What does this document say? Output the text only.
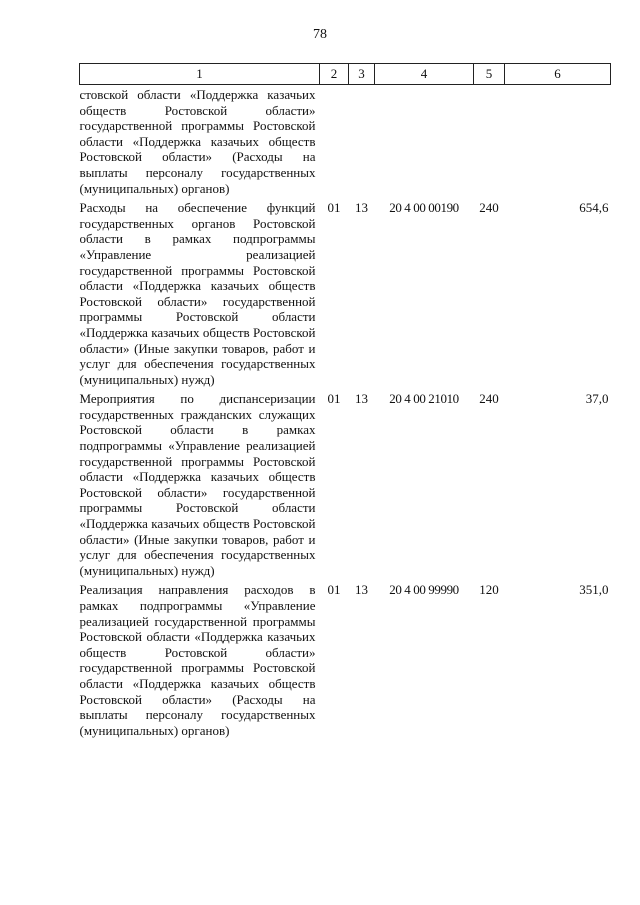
78
1	2	3	4	5	6
стовской области «Поддержка казачьих обществ Ростовской области» государственной программы Ростовской области «Поддержка казачьих обществ Ростовской области» (Расходы на выплаты персоналу государственных (муниципальных) органов)					
Расходы на обеспечение функций государственных органов Ростовской области в рамках подпрограммы «Управление реализацией государственной программы Ростовской области «Поддержка казачьих обществ Ростовской области» государственной программы Ростовской области «Поддержка казачьих обществ Ростовской области» (Иные закупки товаров, работ и услуг для обеспечения государственных (муниципальных) нужд)	01	13	20 4 00 00190	240	654,6
Мероприятия по диспансеризации государственных гражданских служащих Ростовской области в рамках подпрограммы «Управление реализацией государственной программы Ростовской области «Поддержка казачьих обществ Ростовской области» государственной программы Ростовской области «Поддержка казачьих обществ Ростовской области» (Иные закупки товаров, работ и услуг для обеспечения государственных (муниципальных) нужд)	01	13	20 4 00 21010	240	37,0
Реализация направления расходов в рамках подпрограммы «Управление реализацией государственной программы Ростовской области «Поддержка казачьих обществ Ростовской области» государственной программы Ростовской области «Поддержка казачьих обществ Ростовской области» (Расходы на выплаты персоналу государственных (муниципальных) органов)	01	13	20 4 00 99990	120	351,0
